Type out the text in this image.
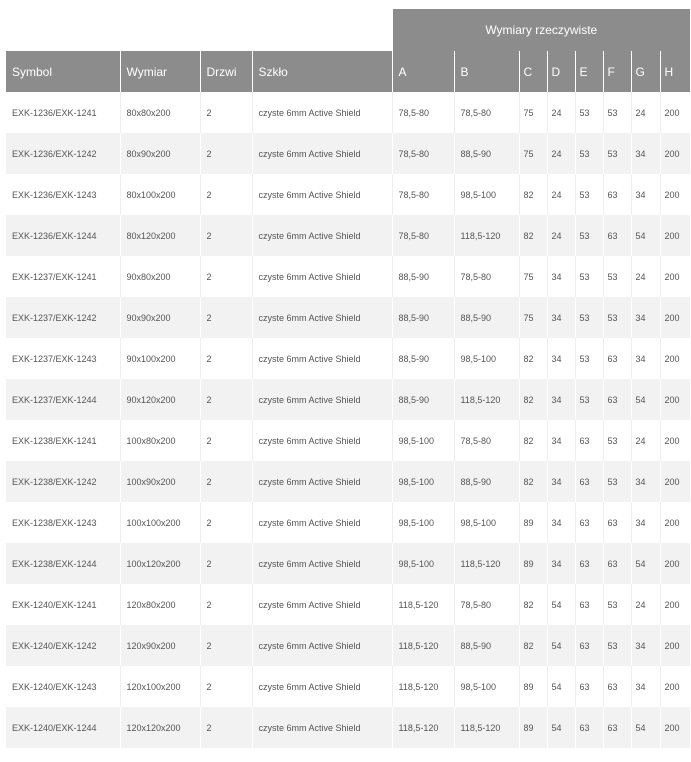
				Wymiary rzeczywiste							
Symbol	Wymiar	Drzwi	Szkło	A	B	C	D	E	F	G	H
EXK-1236/EXK-1241	80x80x200	2	czyste 6mm Active Shield	78,5-80	78,5-80	75	24	53	53	24	200
EXK-1236/EXK-1242	80x90x200	2	czyste 6mm Active Shield	78,5-80	88,5-90	75	24	53	53	34	200
EXK-1236/EXK-1243	80x100x200	2	czyste 6mm Active Shield	78,5-80	98,5-100	82	24	53	63	34	200
EXK-1236/EXK-1244	80x120x200	2	czyste 6mm Active Shield	78,5-80	118,5-120	82	24	53	63	54	200
EXK-1237/EXK-1241	90x80x200	2	czyste 6mm Active Shield	88,5-90	78,5-80	75	34	53	53	24	200
EXK-1237/EXK-1242	90x90x200	2	czyste 6mm Active Shield	88,5-90	88,5-90	75	34	53	53	34	200
EXK-1237/EXK-1243	90x100x200	2	czyste 6mm Active Shield	88,5-90	98,5-100	82	34	53	63	34	200
EXK-1237/EXK-1244	90x120x200	2	czyste 6mm Active Shield	88,5-90	118,5-120	82	34	53	63	54	200
EXK-1238/EXK-1241	100x80x200	2	czyste 6mm Active Shield	98,5-100	78,5-80	82	34	63	53	24	200
EXK-1238/EXK-1242	100x90x200	2	czyste 6mm Active Shield	98,5-100	88,5-90	82	34	63	53	34	200
EXK-1238/EXK-1243	100x100x200	2	czyste 6mm Active Shield	98,5-100	98,5-100	89	34	63	63	34	200
EXK-1238/EXK-1244	100x120x200	2	czyste 6mm Active Shield	98,5-100	118,5-120	89	34	63	63	54	200
EXK-1240/EXK-1241	120x80x200	2	czyste 6mm Active Shield	118,5-120	78,5-80	82	54	63	53	24	200
EXK-1240/EXK-1242	120x90x200	2	czyste 6mm Active Shield	118,5-120	88,5-90	82	54	63	53	34	200
EXK-1240/EXK-1243	120x100x200	2	czyste 6mm Active Shield	118,5-120	98,5-100	89	54	63	63	34	200
EXK-1240/EXK-1244	120x120x200	2	czyste 6mm Active Shield	118,5-120	118,5-120	89	54	63	63	54	200
